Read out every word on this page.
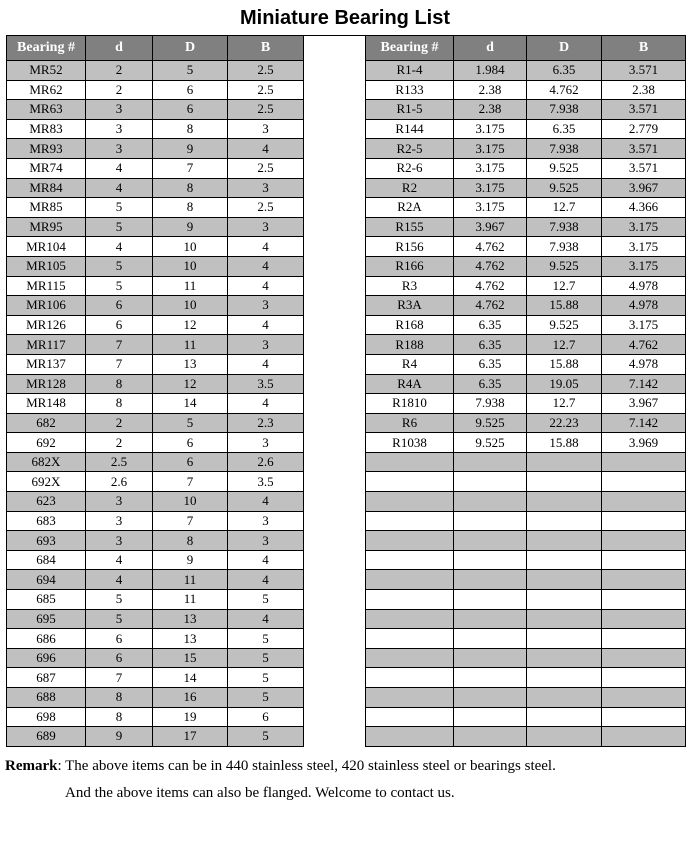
Miniature Bearing List
Bearing #	d	D	B
MR52	2	5	2.5
MR62	2	6	2.5
MR63	3	6	2.5
MR83	3	8	3
MR93	3	9	4
MR74	4	7	2.5
MR84	4	8	3
MR85	5	8	2.5
MR95	5	9	3
MR104	4	10	4
MR105	5	10	4
MR115	5	11	4
MR106	6	10	3
MR126	6	12	4
MR117	7	11	3
MR137	7	13	4
MR128	8	12	3.5
MR148	8	14	4
682	2	5	2.3
692	2	6	3
682X	2.5	6	2.6
692X	2.6	7	3.5
623	3	10	4
683	3	7	3
693	3	8	3
684	4	9	4
694	4	11	4
685	5	11	5
695	5	13	4
686	6	13	5
696	6	15	5
687	7	14	5
688	8	16	5
698	8	19	6
689	9	17	5
Bearing #	d	D	B
R1-4	1.984	6.35	3.571
R133	2.38	4.762	2.38
R1-5	2.38	7.938	3.571
R144	3.175	6.35	2.779
R2-5	3.175	7.938	3.571
R2-6	3.175	9.525	3.571
R2	3.175	9.525	3.967
R2A	3.175	12.7	4.366
R155	3.967	7.938	3.175
R156	4.762	7.938	3.175
R166	4.762	9.525	3.175
R3	4.762	12.7	4.978
R3A	4.762	15.88	4.978
R168	6.35	9.525	3.175
R188	6.35	12.7	4.762
R4	6.35	15.88	4.978
R4A	6.35	19.05	7.142
R1810	7.938	12.7	3.967
R6	9.525	22.23	7.142
R1038	9.525	15.88	3.969

Remark: The above items can be in 440 stainless steel, 420 stainless steel or bearings steel.
And the above items can also be flanged. Welcome to contact us.
